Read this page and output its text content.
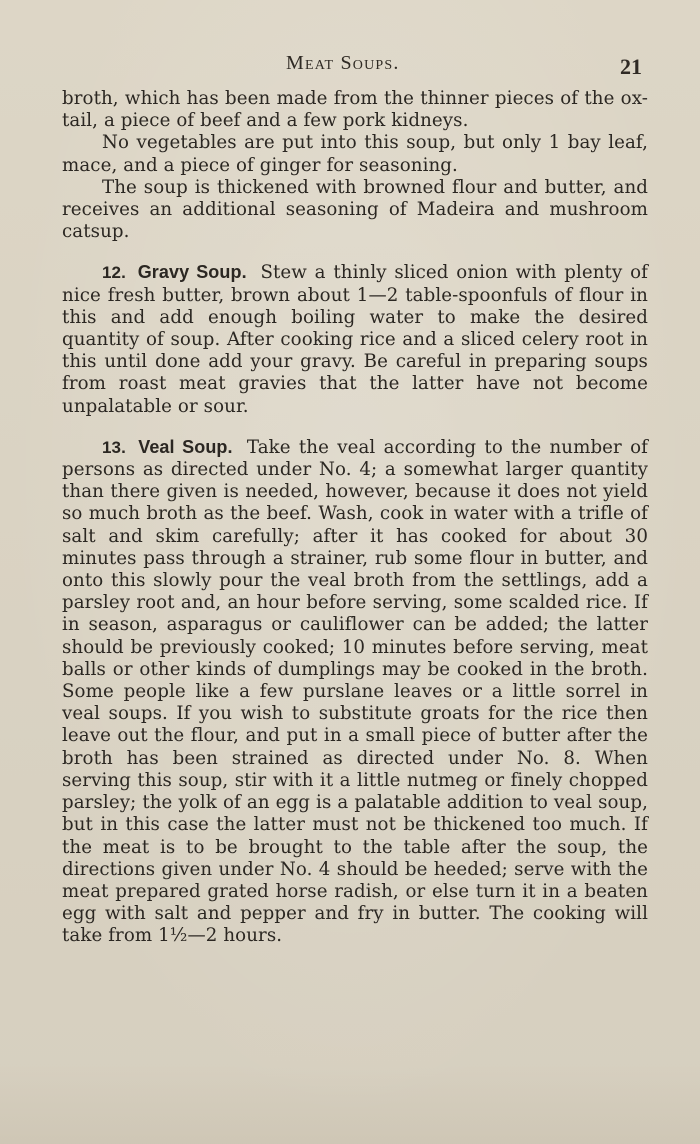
Meat Soups.	21

broth, which has been made from the thinner pieces of the ox-tail, a piece of beef and a few pork kidneys.

No vegetables are put into this soup, but only 1 bay leaf, mace, and a piece of ginger for seasoning.

The soup is thickened with browned flour and butter, and receives an additional seasoning of Madeira and mushroom catsup.

12. Gravy Soup. Stew a thinly sliced onion with plenty of nice fresh butter, brown about 1—2 table-spoonfuls of flour in this and add enough boiling water to make the desired quantity of soup. After cooking rice and a sliced celery root in this until done add your gravy. Be careful in preparing soups from roast meat gravies that the latter have not become unpalatable or sour.

13. Veal Soup. Take the veal according to the number of persons as directed under No. 4; a somewhat larger quantity than there given is needed, however, because it does not yield so much broth as the beef. Wash, cook in water with a trifle of salt and skim carefully; after it has cooked for about 30 minutes pass through a strainer, rub some flour in butter, and onto this slowly pour the veal broth from the settlings, add a parsley root and, an hour before serving, some scalded rice. If in season, asparagus or cauliflower can be added; the latter should be previously cooked; 10 minutes before serving, meat balls or other kinds of dumplings may be cooked in the broth. Some people like a few purslane leaves or a little sorrel in veal soups. If you wish to substitute groats for the rice then leave out the flour, and put in a small piece of butter after the broth has been strained as directed under No. 8. When serving this soup, stir with it a little nutmeg or finely chopped parsley; the yolk of an egg is a palatable addition to veal soup, but in this case the latter must not be thickened too much. If the meat is to be brought to the table after the soup, the directions given under No. 4 should be heeded; serve with the meat prepared grated horse radish, or else turn it in a beaten egg with salt and pepper and fry in butter. The cooking will take from 1½—2 hours.
